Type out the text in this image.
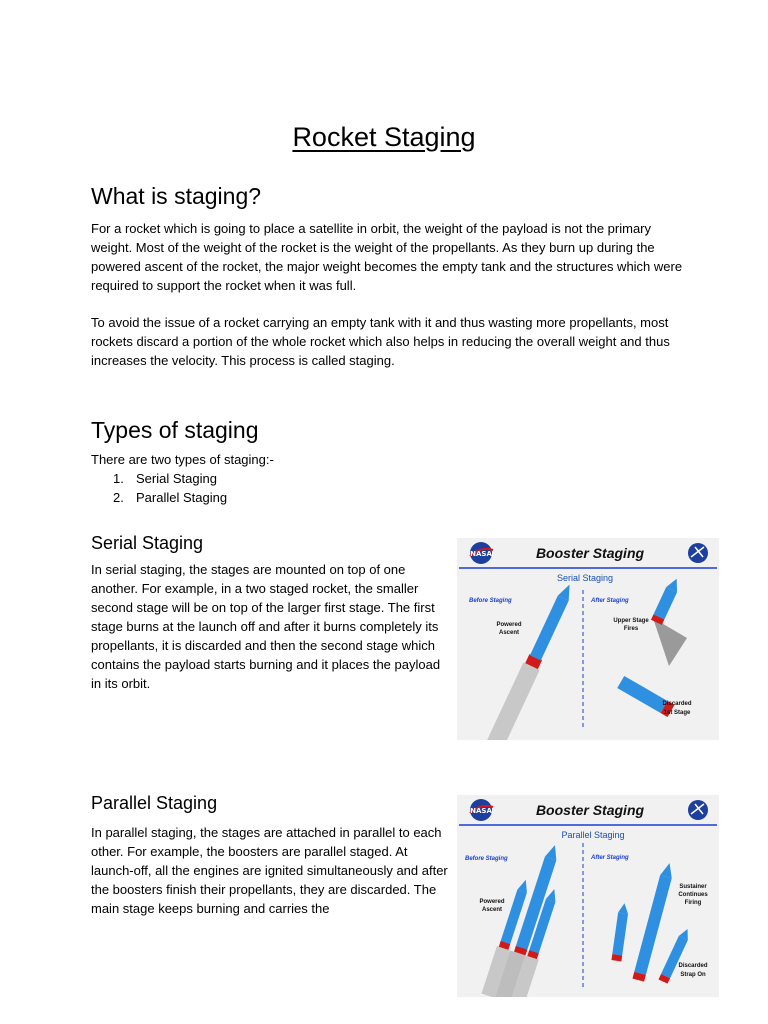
Rocket Staging
What is staging?
For a rocket which is going to place a satellite in orbit, the weight of the payload is not the primary weight. Most of the weight of the rocket is the weight of the propellants. As they burn up during the powered ascent of the rocket, the major weight becomes the empty tank and the structures which were required to support the rocket when it was full.
To avoid the issue of a rocket carrying an empty tank with it and thus wasting more propellants, most rockets discard a portion of the whole rocket which also helps in reducing the overall weight and thus increases the velocity. This process is called staging.
Types of staging
There are two types of staging:-
1. Serial Staging
2. Parallel Staging
Serial Staging
In serial staging, the stages are mounted on top of one another. For example, in a two staged rocket, the smaller second stage will be on top of the larger first stage. The first stage burns at the launch off and after it burns completely its propellants, it is discarded and then the second stage which contains the payload starts burning and it places the payload in its orbit.
NASA	Booster Staging
Serial Staging
Before Staging	After Staging
Powered
Ascent
Upper Stage
Fires
Discarded
1st Stage
Parallel Staging
In parallel staging, the stages are attached in parallel to each other. For example, the boosters are parallel staged. At launch-off, all the engines are ignited simultaneously and after the boosters finish their propellants, they are discarded. The main stage keeps burning and carries the
NASA	Booster Staging
Parallel Staging
Before Staging	After Staging
Powered
Ascent
Sustainer
Continues
Firing
Discarded
Strap On
